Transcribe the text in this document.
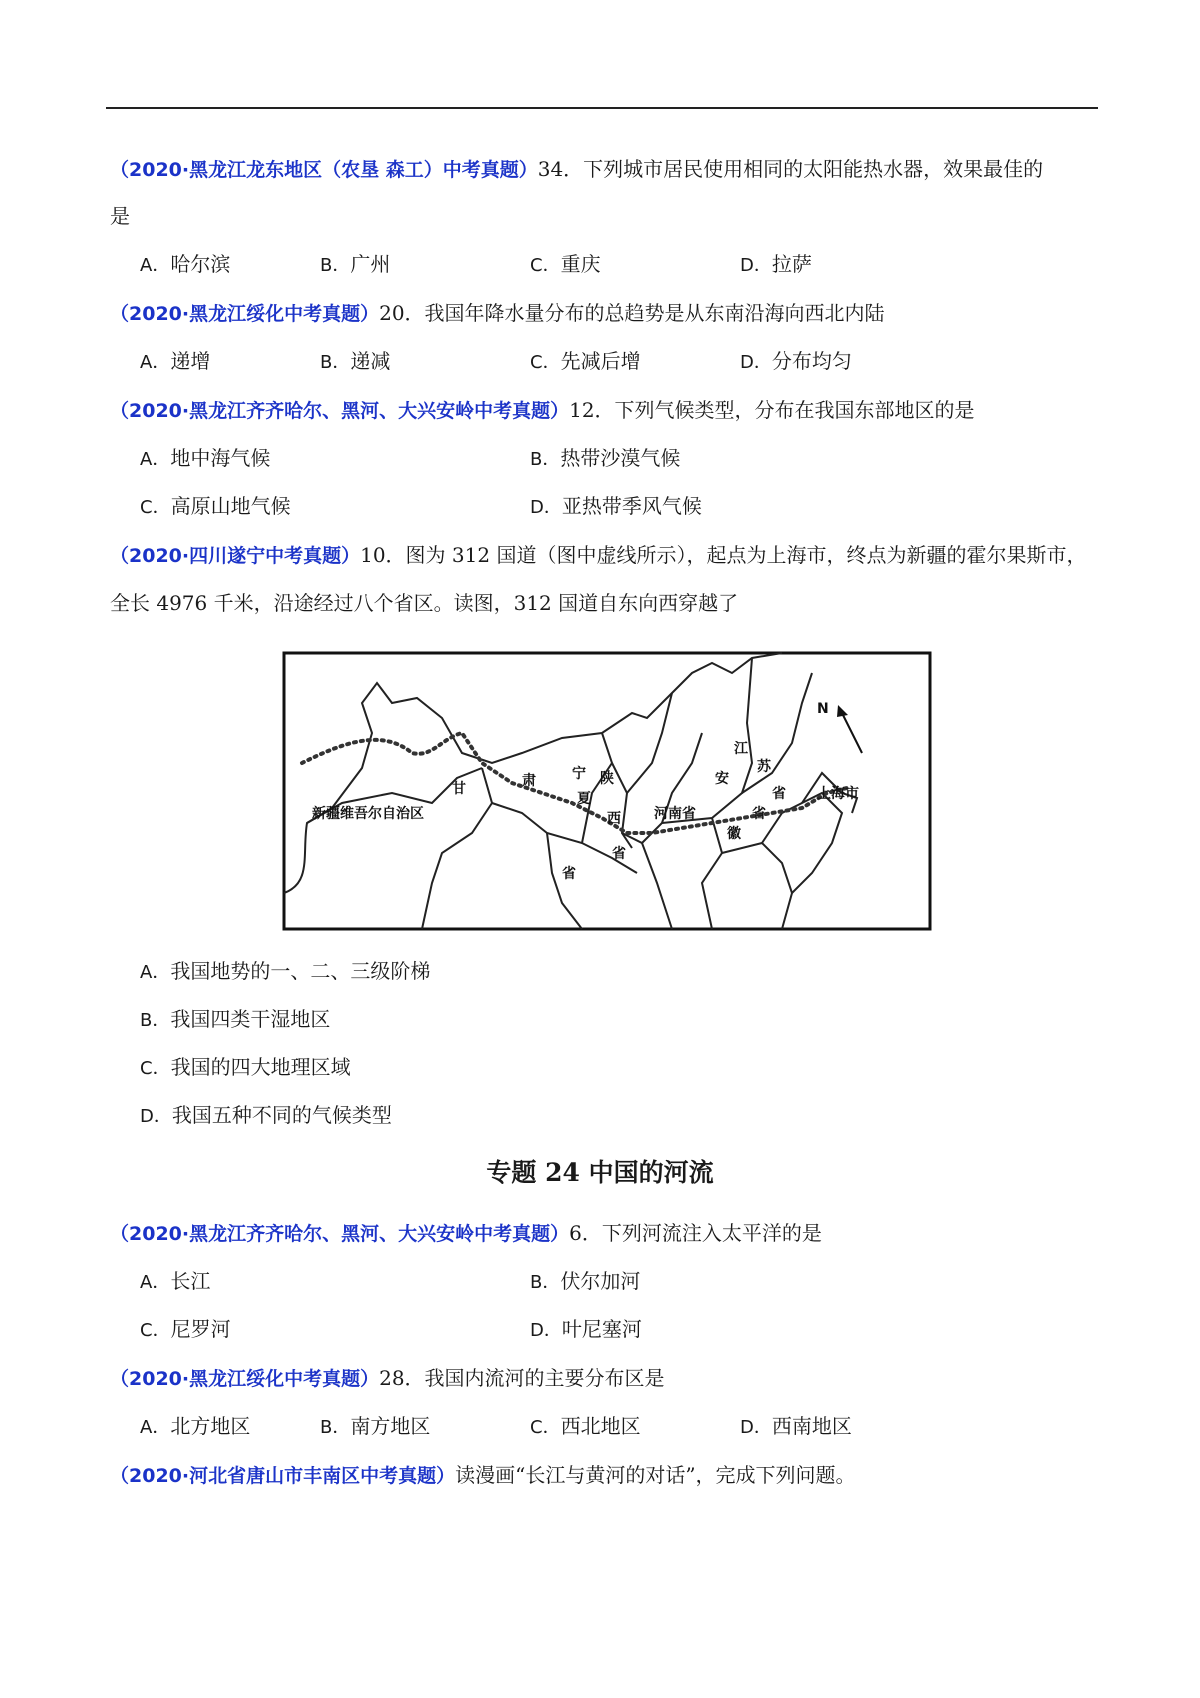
（2020·黑龙江龙东地区（农垦 森工）中考真题）34．下列城市居民使用相同的太阳能热水器，效果最佳的
是
A．哈尔滨	B．广州	C．重庆	D．拉萨
（2020·黑龙江绥化中考真题）20．我国年降水量分布的总趋势是从东南沿海向西北内陆
A．递增	B．递减	C．先减后增	D．分布均匀
（2020·黑龙江齐齐哈尔、黑河、大兴安岭中考真题）12．下列气候类型，分布在我国东部地区的是
A．地中海气候	B．热带沙漠气候
C．高原山地气候	D．亚热带季风气候
（2020·四川遂宁中考真题）10．图为 312 国道（图中虚线所示），起点为上海市，终点为新疆的霍尔果斯市，
全长 4976 千米，沿途经过八个省区。读图，312 国道自东向西穿越了
N
新疆维吾尔自治区
甘	肃	宁
夏
陕
西
省
省
河南省
安
徽
省
江
苏
省 上海市
A．我国地势的一、二、三级阶梯
B．我国四类干湿地区
C．我国的四大地理区域
D．我国五种不同的气候类型
专题 24 中国的河流
（2020·黑龙江齐齐哈尔、黑河、大兴安岭中考真题）6．下列河流注入太平洋的是
A．长江	B．伏尔加河
C．尼罗河	D．叶尼塞河
（2020·黑龙江绥化中考真题）28．我国内流河的主要分布区是
A．北方地区	B．南方地区	C．西北地区	D．西南地区
（2020·河北省唐山市丰南区中考真题）读漫画“长江与黄河的对话”，完成下列问题。
